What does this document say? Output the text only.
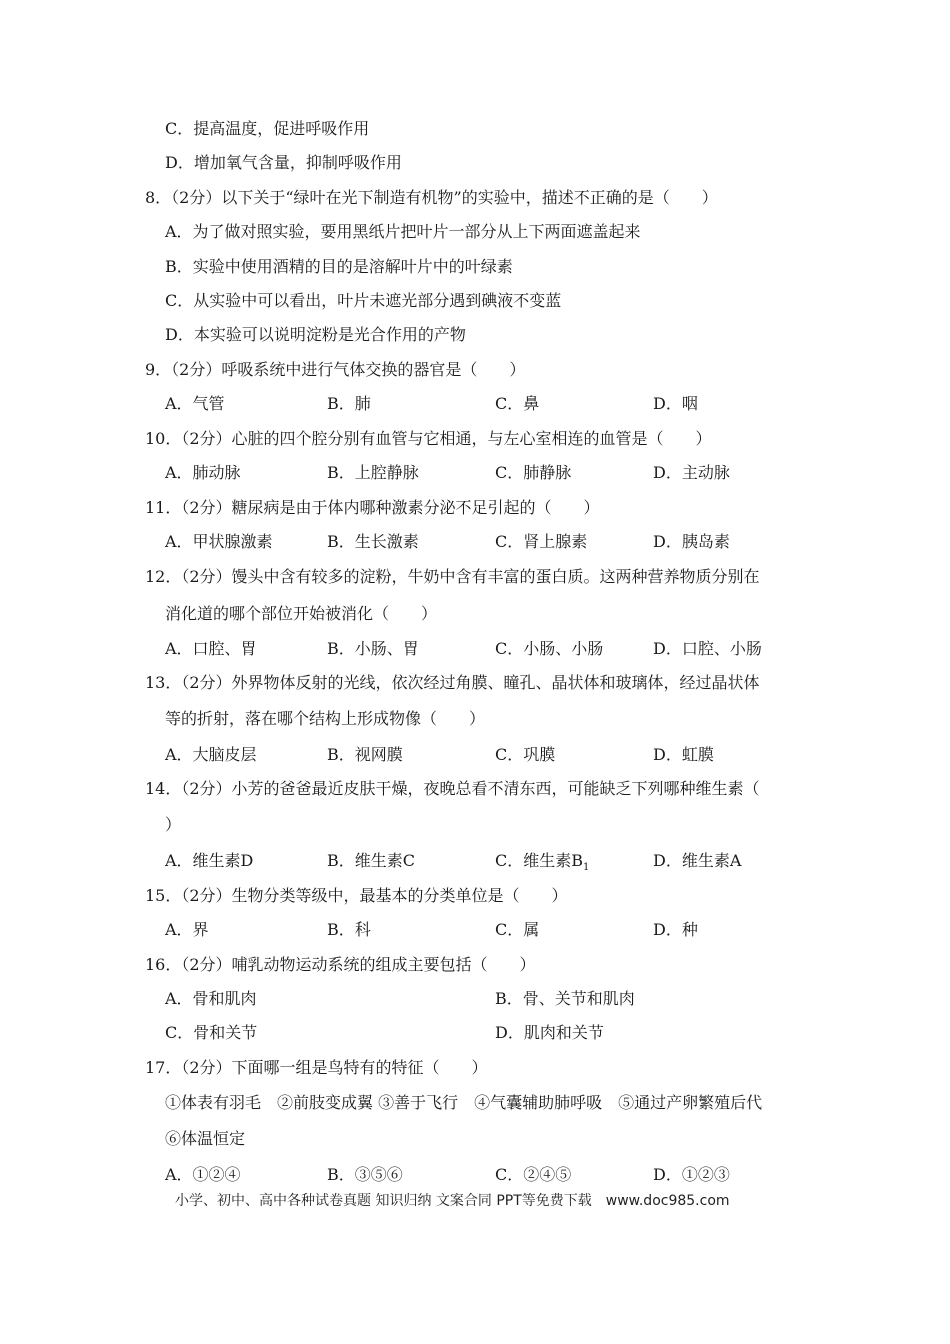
C．提高温度，促进呼吸作用
D．增加氧气含量，抑制呼吸作用
8．（2分）以下关于“绿叶在光下制造有机物”的实验中，描述不正确的是（　　）
A．为了做对照实验，要用黑纸片把叶片一部分从上下两面遮盖起来
B．实验中使用酒精的目的是溶解叶片中的叶绿素
C．从实验中可以看出，叶片未遮光部分遇到碘液不变蓝
D．本实验可以说明淀粉是光合作用的产物
9．（2分）呼吸系统中进行气体交换的器官是（　　）
A．气管	B．肺	C．鼻	D．咽
10．（2分）心脏的四个腔分别有血管与它相通，与左心室相连的血管是（　　）
A．肺动脉	B．上腔静脉	C．肺静脉	D．主动脉
11．（2分）糖尿病是由于体内哪种激素分泌不足引起的（　　）
A．甲状腺激素	B．生长激素	C．肾上腺素	D．胰岛素
12．（2分）馒头中含有较多的淀粉，牛奶中含有丰富的蛋白质。这两种营养物质分别在
消化道的哪个部位开始被消化（　　）
A．口腔、胃	B．小肠、胃	C．小肠、小肠	D．口腔、小肠
13．（2分）外界物体反射的光线，依次经过角膜、瞳孔、晶状体和玻璃体，经过晶状体
等的折射，落在哪个结构上形成物像（　　）
A．大脑皮层	B．视网膜	C．巩膜	D．虹膜
14．（2分）小芳的爸爸最近皮肤干燥，夜晚总看不清东西，可能缺乏下列哪种维生素（
）
A．维生素D	B．维生素C	C．维生素$B_1$	D．维生素A
15．（2分）生物分类等级中，最基本的分类单位是（　　）
A．界	B．科	C．属	D．种
16．（2分）哺乳动物运动系统的组成主要包括（　　）
A．骨和肌肉	B．骨、关节和肌肉
C．骨和关节	D．肌肉和关节
17．（2分）下面哪一组是鸟特有的特征（　　）
①体表有羽毛　②前肢变成翼 ③善于飞行　④气囊辅助肺呼吸　⑤通过产卵繁殖后代
⑥体温恒定
A．①②④	B．③⑤⑥	C．②④⑤	D．①②③
小学、初中、高中各种试卷真题 知识归纳 文案合同 PPT等免费下载　www.doc985.com
